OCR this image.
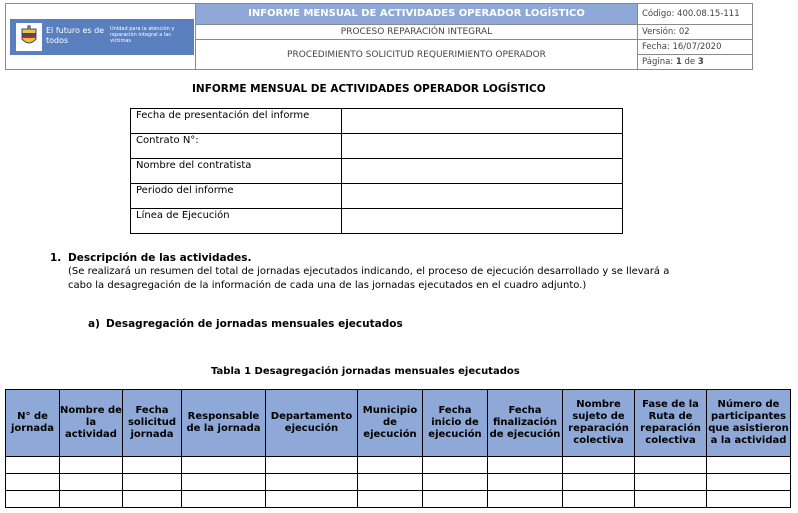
El futuro es de todos
Unidad para la atención y reparación integral a las víctimas	INFORME MENSUAL DE ACTIVIDADES OPERADOR LOGÍSTICO	Código: 400.08.15-111
	PROCESO REPARACIÓN INTEGRAL	Versión: 02
	PROCEDIMIENTO SOLICITUD REQUERIMIENTO OPERADOR	Fecha: 16/07/2020
		Página: 1 de 3
INFORME MENSUAL DE ACTIVIDADES OPERADOR LOGÍSTICO
Fecha de presentación del informe	
Contrato N°:	
Nombre del contratista	
Periodo del informe	
Línea de Ejecución	
1. Descripción de las actividades.
(Se realizará un resumen del total de jornadas ejecutados indicando, el proceso de ejecución desarrollado y se llevará a
cabo la desagregación de la información de cada una de las jornadas ejecutados en el cuadro adjunto.)
a) Desagregación de jornadas mensuales ejecutados
Tabla 1 Desagregación jornadas mensuales ejecutados
N° de jornada	Nombre de la actividad	Fecha solicitud jornada	Responsable de la jornada	Departamento ejecución	Municipio de ejecución	Fecha inicio de ejecución	Fecha finalización de ejecución	Nombre sujeto de reparación colectiva	Fase de la Ruta de reparación colectiva	Número de participantes que asistieron a la actividad
